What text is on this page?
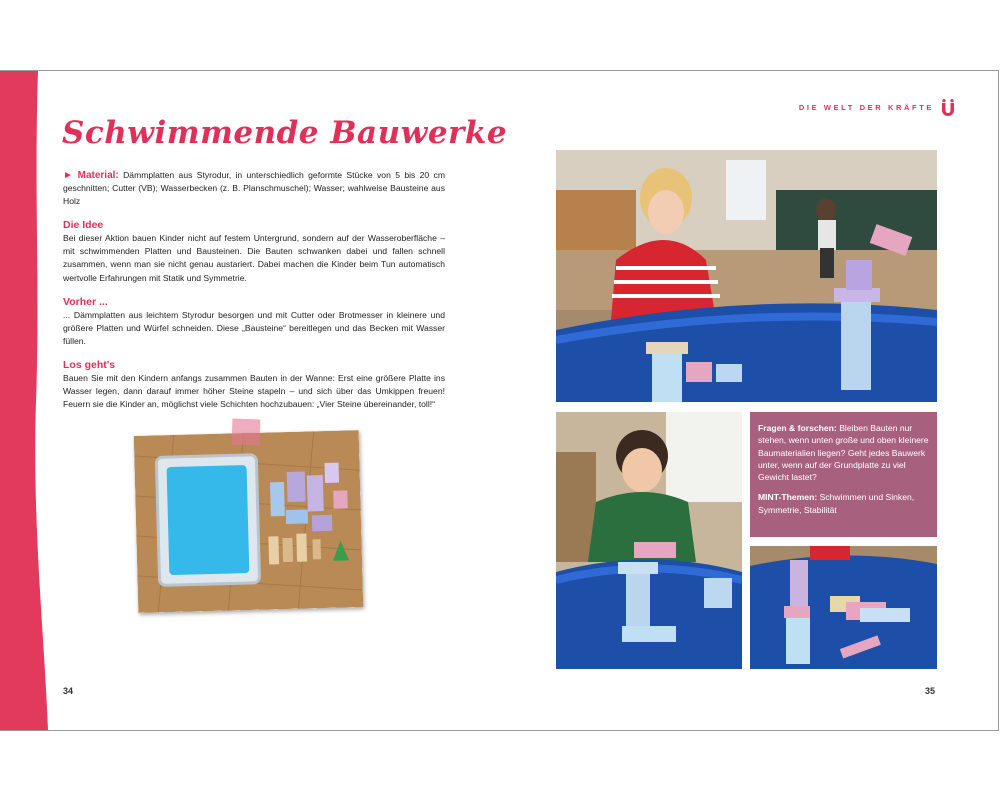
Schwimmende Bauwerke

► Material: Dämmplatten aus Styrodur, in unterschiedlich geformte Stücke von 5 bis 20 cm geschnitten; Cutter (VB); Wasserbecken (z. B. Planschmuschel); Wasser; wahlweise Bausteine aus Holz

Die Idee

Bei dieser Aktion bauen Kinder nicht auf festem Untergrund, sondern auf der Wasseroberfläche – mit schwimmenden Platten und Bausteinen. Die Bauten schwanken dabei und fallen schnell zusammen, wenn man sie nicht genau austariert. Dabei machen die Kinder beim Tun automatisch wertvolle Erfahrungen mit Statik und Symmetrie.

Vorher ...

... Dämmplatten aus leichtem Styrodur besorgen und mit Cutter oder Brotmesser in kleinere und größere Platten und Würfel schneiden. Diese „Bausteine“ bereitlegen und das Becken mit Wasser füllen.

Los geht's

Bauen Sie mit den Kindern anfangs zusammen Bauten in der Wanne: Erst eine größere Platte ins Wasser legen, dann darauf immer höher Steine stapeln – und sich über das Umkippen freuen! Feuern sie die Kinder an, möglichst viele Schichten hochzubauen: „Vier Steine übereinander, toll!“

DIE WELT DER KRÄFTE

Fragen & forschen: Bleiben Bauten nur stehen, wenn unten große und oben kleinere Baumaterialien liegen? Geht jedes Bauwerk unter, wenn auf der Grundplatte zu viel Gewicht lastet?

MINT-Themen: Schwimmen und Sinken, Symmetrie, Stabilität

34	35
